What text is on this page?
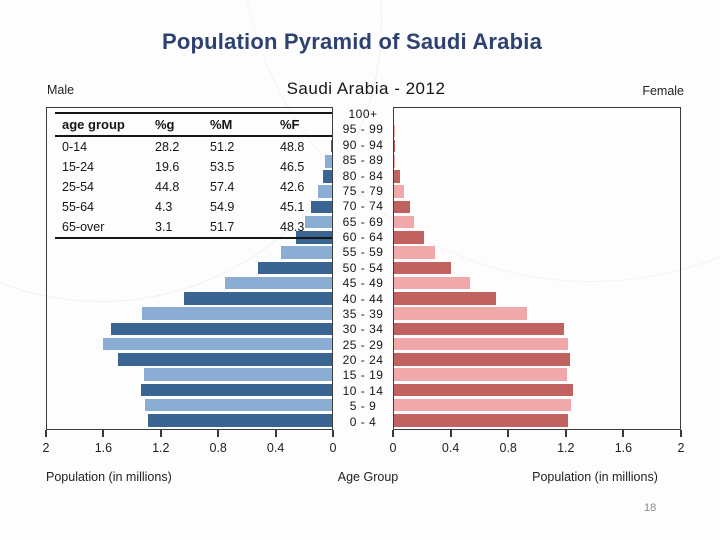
Population Pyramid of Saudi Arabia
Saudi Arabia - 2012
Male	Female
100+
95 - 99
90 - 94
85 - 89
80 - 84
75 - 79
70 - 74
65 - 69
60 - 64
55 - 59
50 - 54
45 - 49
40 - 44
35 - 39
30 - 34
25 - 29
20 - 24
15 - 19
10 - 14
5 - 9
0 - 4
2	1.6	1.2	0.8	0.4	0	0	0.4	0.8	1.2	1.6	2
Population (in millions)	Age Group	Population (in millions)
age group	%g	%M	%F
0-14	28.2	51.2	48.8
15-24	19.6	53.5	46.5
25-54	44.8	57.4	42.6
55-64	4.3	54.9	45.1
65-over	3.1	51.7	48.3
18
